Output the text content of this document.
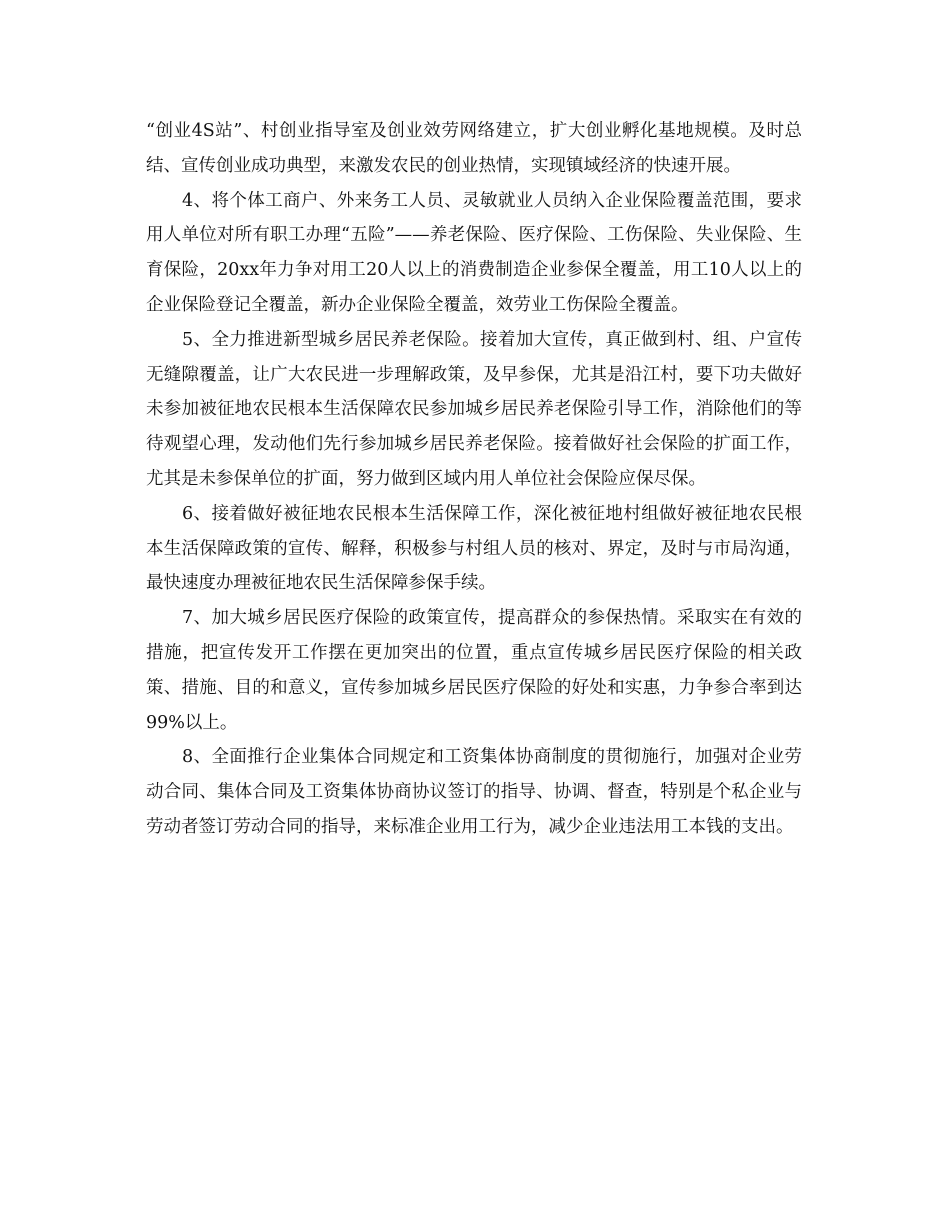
“创业4S站”、村创业指导室及创业效劳网络建立，扩大创业孵化基地规模。及时总结、宣传创业成功典型，来激发农民的创业热情，实现镇域经济的快速开展。

4、将个体工商户、外来务工人员、灵敏就业人员纳入企业保险覆盖范围，要求用人单位对所有职工办理“五险”——养老保险、医疗保险、工伤保险、失业保险、生育保险，20xx年力争对用工20人以上的消费制造企业参保全覆盖，用工10人以上的企业保险登记全覆盖，新办企业保险全覆盖，效劳业工伤保险全覆盖。

5、全力推进新型城乡居民养老保险。接着加大宣传，真正做到村、组、户宣传无缝隙覆盖，让广大农民进一步理解政策，及早参保，尤其是沿江村，要下功夫做好未参加被征地农民根本生活保障农民参加城乡居民养老保险引导工作，消除他们的等待观望心理，发动他们先行参加城乡居民养老保险。接着做好社会保险的扩面工作，尤其是未参保单位的扩面，努力做到区域内用人单位社会保险应保尽保。

6、接着做好被征地农民根本生活保障工作，深化被征地村组做好被征地农民根本生活保障政策的宣传、解释，积极参与村组人员的核对、界定，及时与市局沟通，最快速度办理被征地农民生活保障参保手续。

7、加大城乡居民医疗保险的政策宣传，提高群众的参保热情。采取实在有效的措施，把宣传发开工作摆在更加突出的位置，重点宣传城乡居民医疗保险的相关政策、措施、目的和意义，宣传参加城乡居民医疗保险的好处和实惠，力争参合率到达99%以上。

8、全面推行企业集体合同规定和工资集体协商制度的贯彻施行，加强对企业劳动合同、集体合同及工资集体协商协议签订的指导、协调、督查，特别是个私企业与劳动者签订劳动合同的指导，来标准企业用工行为，减少企业违法用工本钱的支出。
